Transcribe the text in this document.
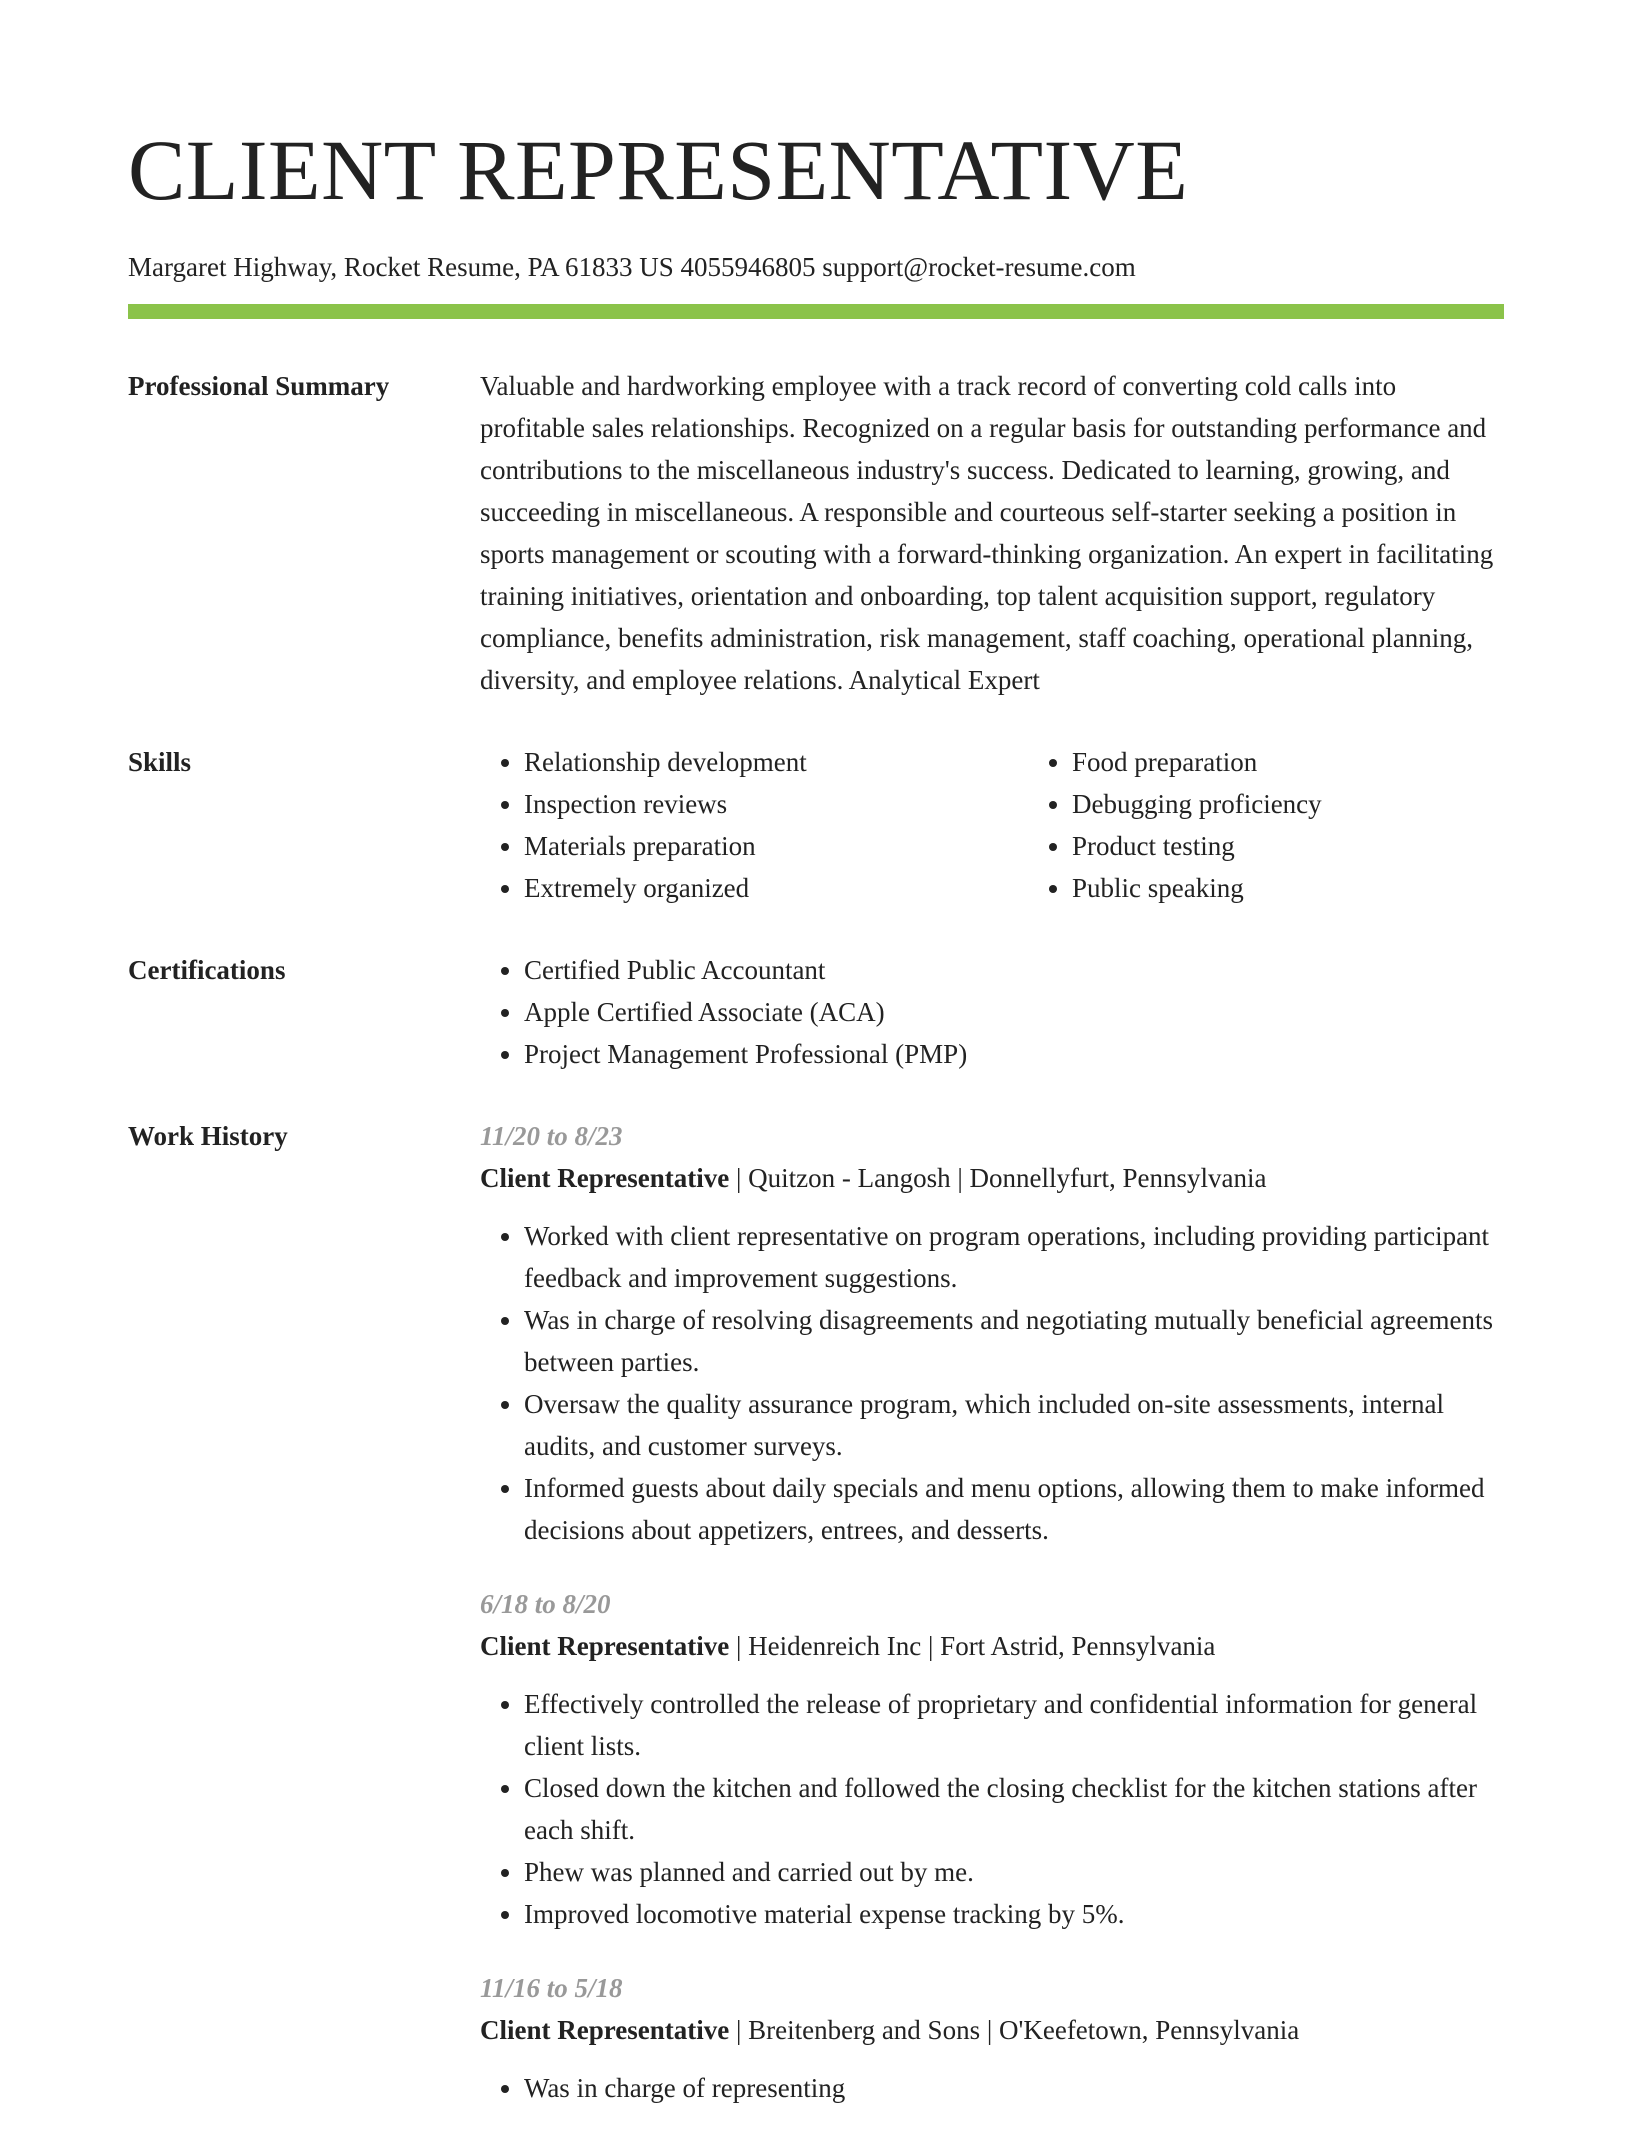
CLIENT REPRESENTATIVE
Margaret Highway, Rocket Resume, PA 61833 US 4055946805 support@rocket-resume.com
Professional Summary	Valuable and hardworking employee with a track record of converting cold calls into profitable sales relationships. Recognized on a regular basis for outstanding performance and contributions to the miscellaneous industry's success. Dedicated to learning, growing, and succeeding in miscellaneous. A responsible and courteous self-starter seeking a position in sports management or scouting with a forward-thinking organization. An expert in facilitating training initiatives, orientation and onboarding, top talent acquisition support, regulatory compliance, benefits administration, risk management, staff coaching, operational planning, diversity, and employee relations. Analytical Expert

Skills	• Relationship development
• Inspection reviews
• Materials preparation
• Extremely organized
• Food preparation
• Debugging proficiency
• Product testing
• Public speaking
Certifications	• Certified Public Accountant
• Apple Certified Associate (ACA)
• Project Management Professional (PMP)
Work History	11/20 to 8/23
Client Representative | Quitzon - Langosh | Donnellyfurt, Pennsylvania
• Worked with client representative on program operations, including providing participant feedback and improvement suggestions.
• Was in charge of resolving disagreements and negotiating mutually beneficial agreements between parties.
• Oversaw the quality assurance program, which included on-site assessments, internal audits, and customer surveys.
• Informed guests about daily specials and menu options, allowing them to make informed decisions about appetizers, entrees, and desserts.
6/18 to 8/20
Client Representative | Heidenreich Inc | Fort Astrid, Pennsylvania
• Effectively controlled the release of proprietary and confidential information for general client lists.
• Closed down the kitchen and followed the closing checklist for the kitchen stations after each shift.
• Phew was planned and carried out by me.
• Improved locomotive material expense tracking by 5%.
11/16 to 5/18
Client Representative | Breitenberg and Sons | O'Keefetown, Pennsylvania
• Was in charge of representing
